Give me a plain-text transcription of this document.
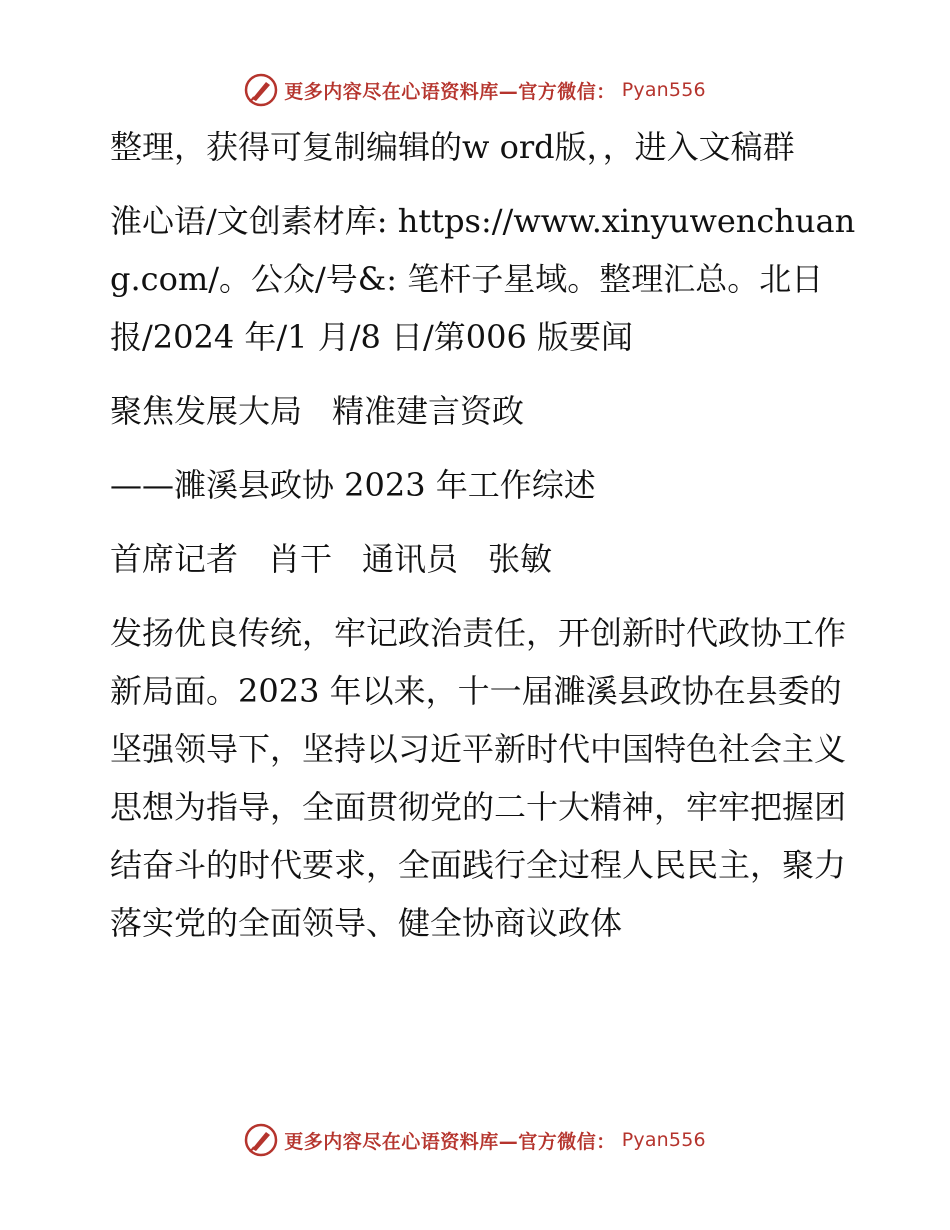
更多内容尽在心语资料库—官方微信： Pyan556

整理，获得可复制编辑的w ord版，，进入文稿群

淮心语/文创素材库: https://www.xinyuwenchuang.com/。公众/号&: 笔杆子星域。整理汇总。北日报/2024 年/1 月/8 日/第006 版要闻

聚焦发展大局 精准建言资政

——濉溪县政协 2023 年工作综述

首席记者 肖干 通讯员 张敏

发扬优良传统，牢记政治责任，开创新时代政协工作新局面。2023 年以来，十一届濉溪县政协在县委的坚强领导下，坚持以习近平新时代中国特色社会主义思想为指导，全面贯彻党的二十大精神，牢牢把握团结奋斗的时代要求，全面践行全过程人民民主，聚力落实党的全面领导、健全协商议政体

更多内容尽在心语资料库—官方微信： Pyan556
